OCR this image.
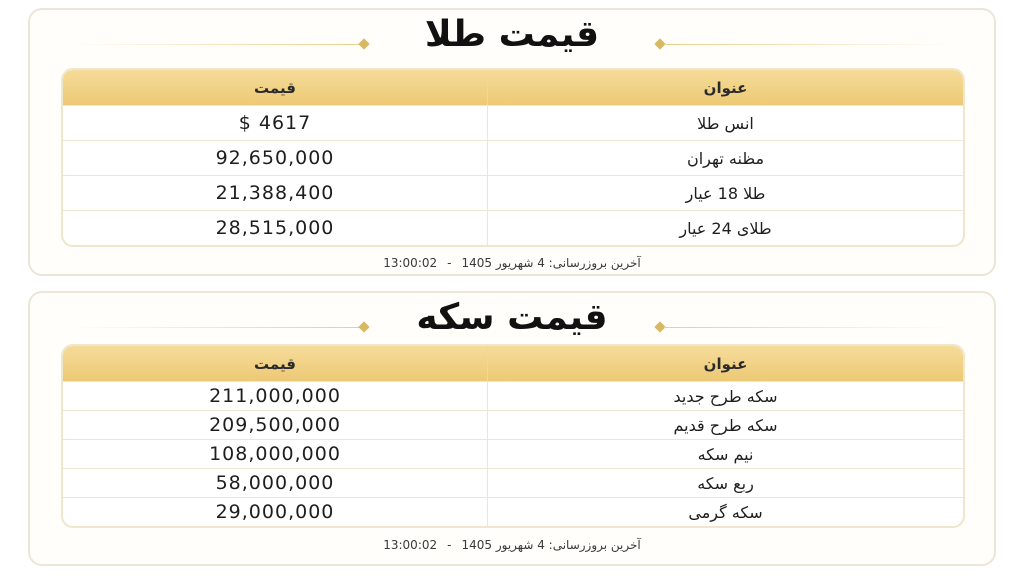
قیمت طلا
قیمت	عنوان
$ 4617	انس طلا
92,650,000	مظنه تهران
21,388,400	طلا 18 عیار
28,515,000	طلای 24 عیار
13:00:02 - آخرین بروزرسانی: 4 شهریور 1405
قیمت سکه
قیمت	عنوان
211,000,000	سکه طرح جدید
209,500,000	سکه طرح قدیم
108,000,000	نیم سکه
58,000,000	ربع سکه
29,000,000	سکه گرمی
13:00:02 - آخرین بروزرسانی: 4 شهریور 1405
